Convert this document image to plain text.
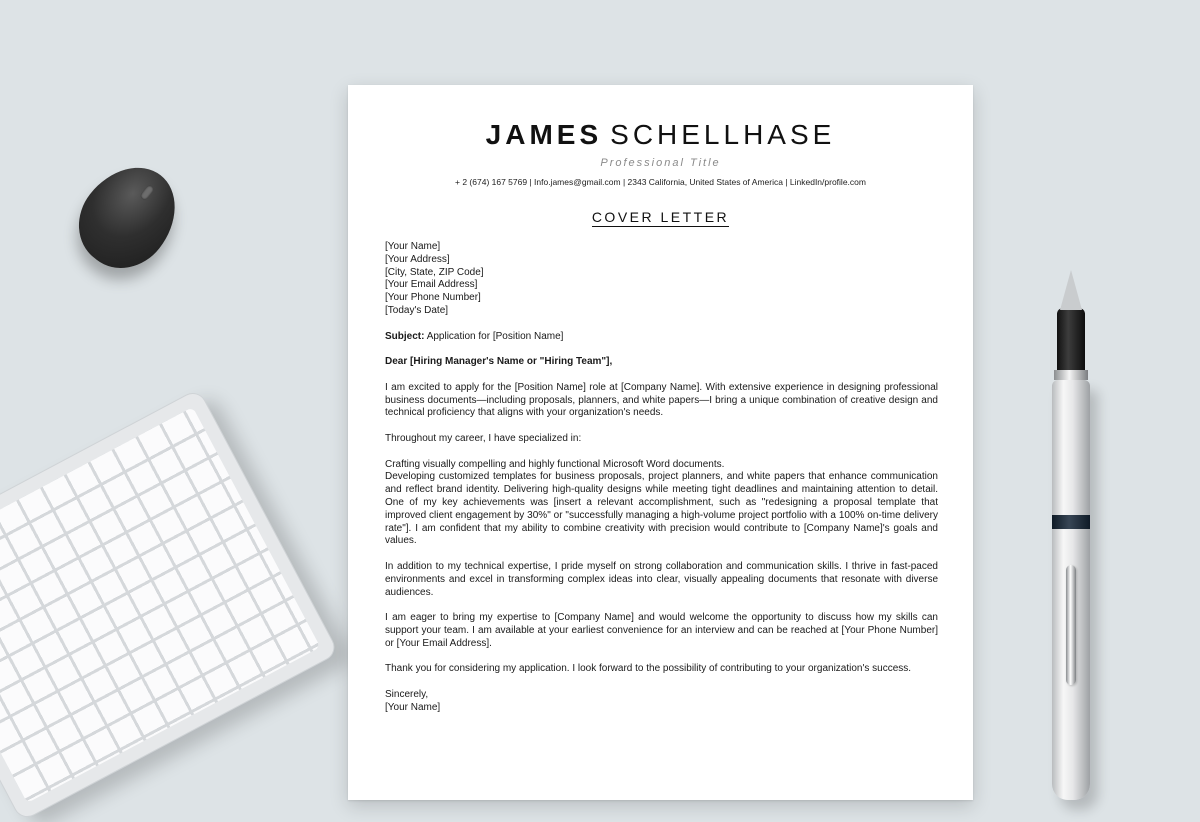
JAMES SCHELLHASE
Professional Title
+ 2 (674) 167 5769 | Info.james@gmail.com | 2343 California, United States of America | LinkedIn/profile.com
COVER LETTER
[Your Name]
[Your Address]
[City, State, ZIP Code]
[Your Email Address]
[Your Phone Number]
[Today's Date]
Subject: Application for [Position Name]
Dear [Hiring Manager's Name or "Hiring Team"],
I am excited to apply for the [Position Name] role at [Company Name]. With extensive experience in designing professional business documents—including proposals, planners, and white papers—I bring a unique combination of creative design and technical proficiency that aligns with your organization's needs.
Throughout my career, I have specialized in:
Crafting visually compelling and highly functional Microsoft Word documents.
Developing customized templates for business proposals, project planners, and white papers that enhance communication and reflect brand identity. Delivering high-quality designs while meeting tight deadlines and maintaining attention to detail. One of my key achievements was [insert a relevant accomplishment, such as "redesigning a proposal template that improved client engagement by 30%" or "successfully managing a high-volume project portfolio with a 100% on-time delivery rate"]. I am confident that my ability to combine creativity with precision would contribute to [Company Name]'s goals and values.
In addition to my technical expertise, I pride myself on strong collaboration and communication skills. I thrive in fast-paced environments and excel in transforming complex ideas into clear, visually appealing documents that resonate with diverse audiences.
I am eager to bring my expertise to [Company Name] and would welcome the opportunity to discuss how my skills can support your team. I am available at your earliest convenience for an interview and can be reached at [Your Phone Number] or [Your Email Address].
Thank you for considering my application. I look forward to the possibility of contributing to your organization's success.
Sincerely,
[Your Name]
